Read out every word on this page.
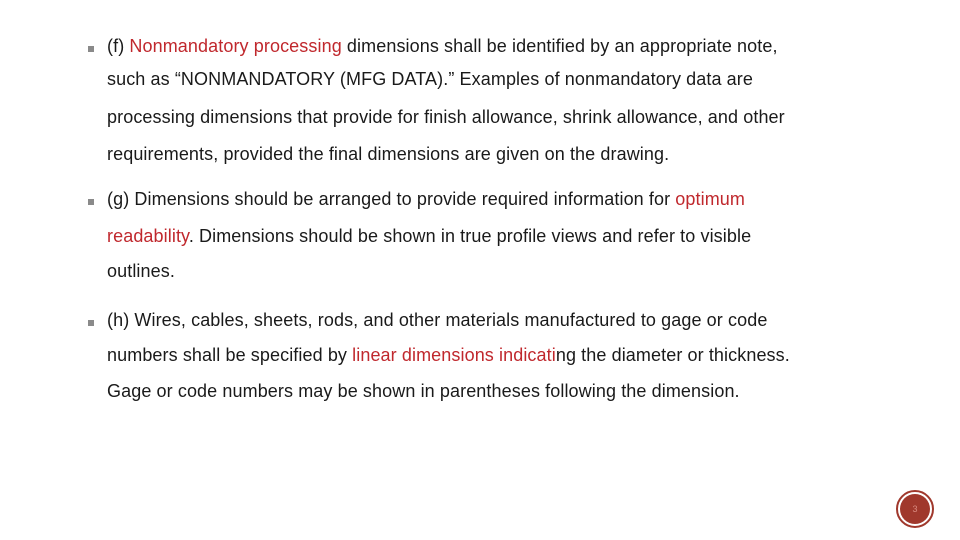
(f) Nonmandatory processing dimensions shall be identified by an appropriate note,
such as “NONMANDATORY (MFG DATA).” Examples of nonmandatory data are
processing dimensions that provide for finish allowance, shrink allowance, and other
requirements, provided the final dimensions are given on the drawing.
(g) Dimensions should be arranged to provide required information for optimum
readability. Dimensions should be shown in true profile views and refer to visible
outlines.
(h) Wires, cables, sheets, rods, and other materials manufactured to gage or code
numbers shall be specified by linear dimensions indicating the diameter or thickness.
Gage or code numbers may be shown in parentheses following the dimension.
3
